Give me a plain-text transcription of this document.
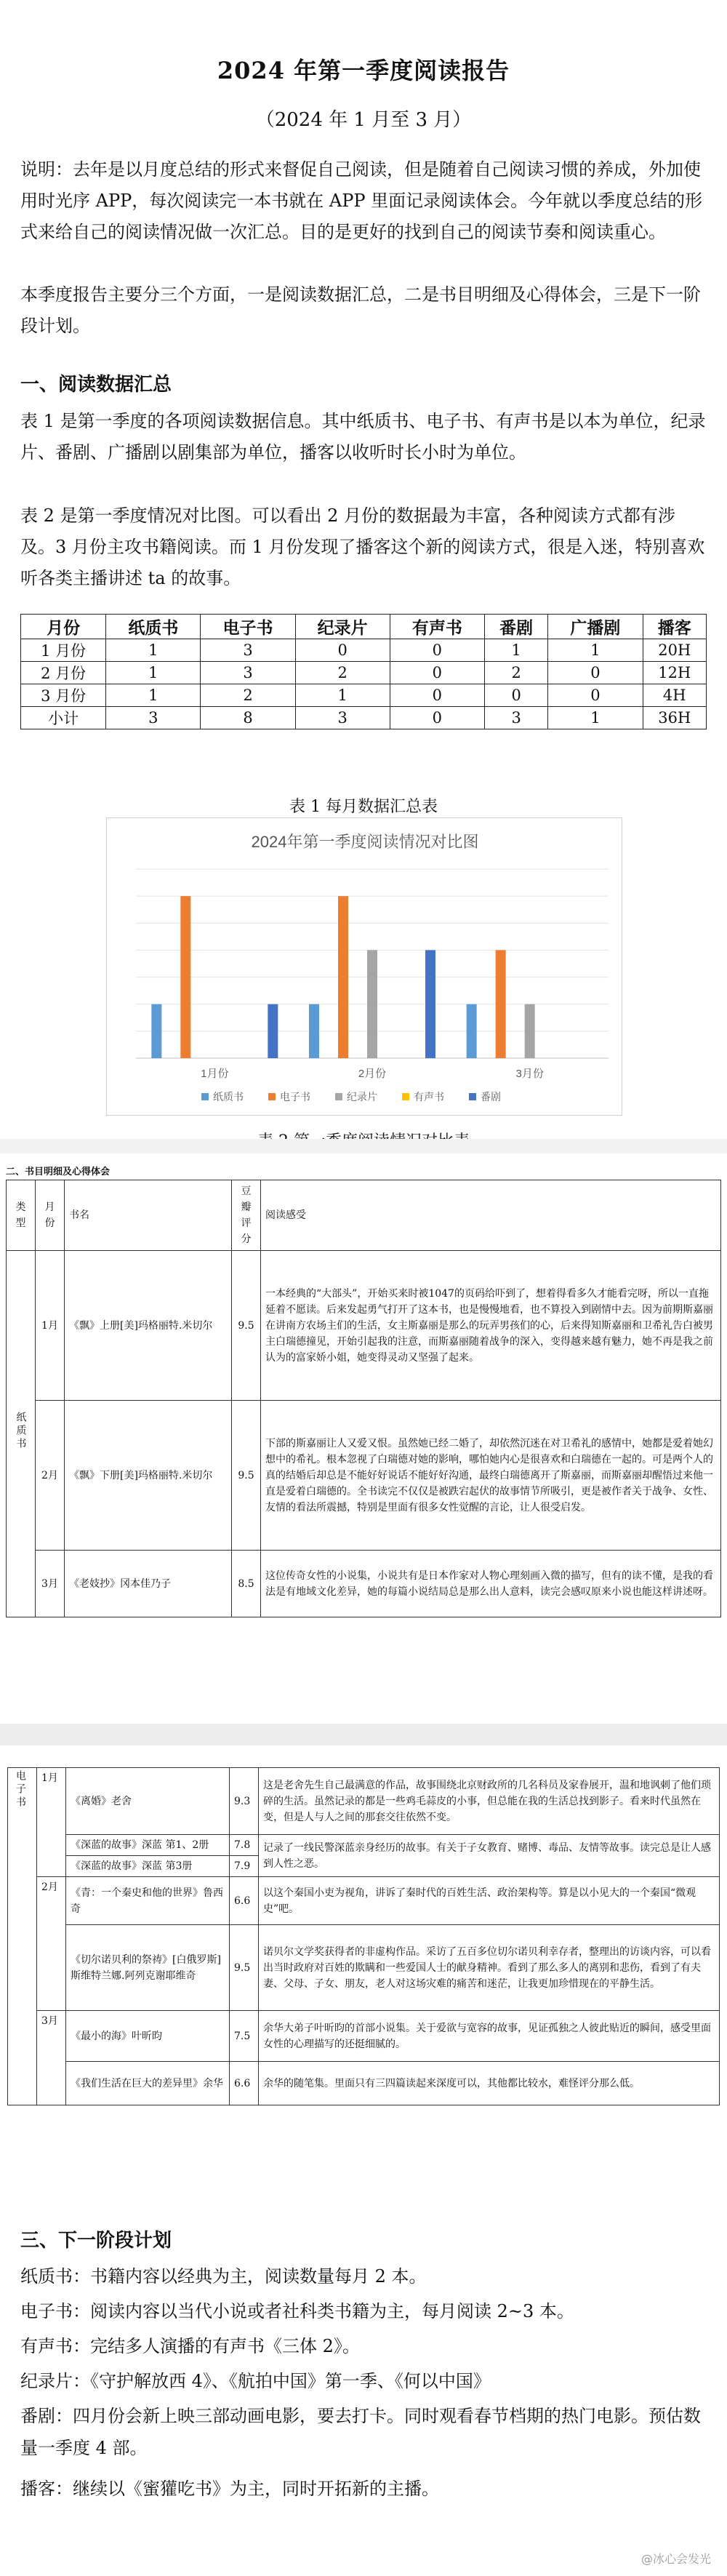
2024 年第一季度阅读报告
（2024 年 1 月至 3 月）
说明：去年是以月度总结的形式来督促自己阅读，但是随着自己阅读习惯的养成，外加使用时光序 APP，每次阅读完一本书就在 APP 里面记录阅读体会。今年就以季度总结的形式来给自己的阅读情况做一次汇总。目的是更好的找到自己的阅读节奏和阅读重心。
本季度报告主要分三个方面，一是阅读数据汇总，二是书目明细及心得体会，三是下一阶段计划。
一、阅读数据汇总
表 1 是第一季度的各项阅读数据信息。其中纸质书、电子书、有声书是以本为单位，纪录片、番剧、广播剧以剧集部为单位，播客以收听时长小时为单位。
表 2 是第一季度情况对比图。可以看出 2 月份的数据最为丰富，各种阅读方式都有涉及。3 月份主攻书籍阅读。而 1 月份发现了播客这个新的阅读方式，很是入迷，特别喜欢听各类主播讲述 ta 的故事。
月份	纸质书	电子书	纪录片	有声书	番剧	广播剧	播客
1 月份	1	3	0	0	1	1	20H
2 月份	1	3	2	0	2	0	12H
3 月份	1	2	1	0	0	0	4H
小计	3	8	3	0	3	1	36H
表 1 每月数据汇总表
2024年第一季度阅读情况对比图
1月份	2月份	3月份
纸质书	电子书	纪录片	有声书	番剧
二、书目明细及心得体会
类型	月份	书名	豆瓣评分	阅读感受
纸质书	1月	《飘》上册[美]玛格丽特.米切尔	9.5	一本经典的“大部头”，开始买来时被1047的页码给吓到了，想着得看多久才能看完呀，所以一直拖延着不愿读。后来发起勇气打开了这本书，也是慢慢地看，也不算投入到剧情中去。因为前期斯嘉丽在讲南方农场主们的生活，女主斯嘉丽是那么的玩弄男孩们的心，后来得知斯嘉丽和卫希礼告白被男主白瑞德撞见，开始引起我的注意，而斯嘉丽随着战争的深入，变得越来越有魅力，她不再是我之前认为的富家娇小姐，她变得灵动又坚强了起来。
	2月	《飘》下册[美]玛格丽特.米切尔	9.5	下部的斯嘉丽让人又爱又恨。虽然她已经二婚了，却依然沉迷在对卫希礼的感情中，她都是爱着她幻想中的希礼。根本忽视了白瑞德对她的影响，哪怕她内心是很喜欢和白瑞德在一起的。可是两个人的真的结婚后却总是不能好好说话不能好好沟通，最终白瑞德离开了斯嘉丽，而斯嘉丽却醒悟过来他一直是爱着白瑞德的。全书读完不仅仅是被跌宕起伏的故事情节所吸引，更是被作者关于战争、女性、友情的看法所震撼，特别是里面有很多女性觉醒的言论，让人很受启发。
	3月	《老妓抄》冈本佳乃子	8.5	这位传奇女性的小说集，小说共有是日本作家对人物心理刻画入微的描写，但有的读不懂，是我的看法是有地域文化差异，她的每篇小说结局总是那么出人意料，读完会感叹原来小说也能这样讲述呀。
电子书	1月	《离婚》老舍	9.3	这是老舍先生自己最满意的作品，故事围绕北京财政所的几名科员及家眷展开，温和地讽刺了他们琐碎的生活。虽然记录的都是一些鸡毛蒜皮的小事，但总能在我的生活总找到影子。看来时代虽然在变，但是人与人之间的那套交往依然不变。
		《深蓝的故事》深蓝 第1、2册	7.8	记录了一线民警深蓝亲身经历的故事。有关于子女教育、赌博、毒品、友情等故事。读完总是让人感到人性之恶。
		《深蓝的故事》深蓝 第3册	7.9	
	2月	《青：一个秦史和他的世界》鲁西奇	6.6	以这个秦国小吏为视角，讲诉了秦时代的百姓生活、政治架构等。算是以小见大的一个秦国“微观史”吧。
		《切尔诺贝利的祭祷》[白俄罗斯]斯维特兰娜.阿列克谢耶维奇	9.5	诺贝尔文学奖获得者的非虚构作品。采访了五百多位切尔诺贝利幸存者，整理出的访谈内容，可以看出当时政府对百姓的欺瞒和一些爱国人士的献身精神。看到了那么多人的离别和悲伤，看到了有夫妻、父母、子女、朋友，老人对这场灾难的痛苦和迷茫，让我更加珍惜现在的平静生活。
	3月	《最小的海》叶昕昀	7.5	余华大弟子叶昕昀的首部小说集。关于爱欲与宽容的故事，见证孤独之人彼此贴近的瞬间，感受里面女性的心理描写的还挺细腻的。
		《我们生活在巨大的差异里》余华	6.6	余华的随笔集。里面只有三四篇读起来深度可以，其他都比较水，难怪评分那么低。
三、下一阶段计划
纸质书：书籍内容以经典为主，阅读数量每月 2 本。
电子书：阅读内容以当代小说或者社科类书籍为主，每月阅读 2~3 本。
有声书：完结多人演播的有声书《三体 2》。
纪录片：《守护解放西 4》、《航拍中国》第一季、《何以中国》
番剧：四月份会新上映三部动画电影，要去打卡。同时观看春节档期的热门电影。预估数量一季度 4 部。
播客：继续以《蜜獾吃书》为主，同时开拓新的主播。
@冰心会发光
